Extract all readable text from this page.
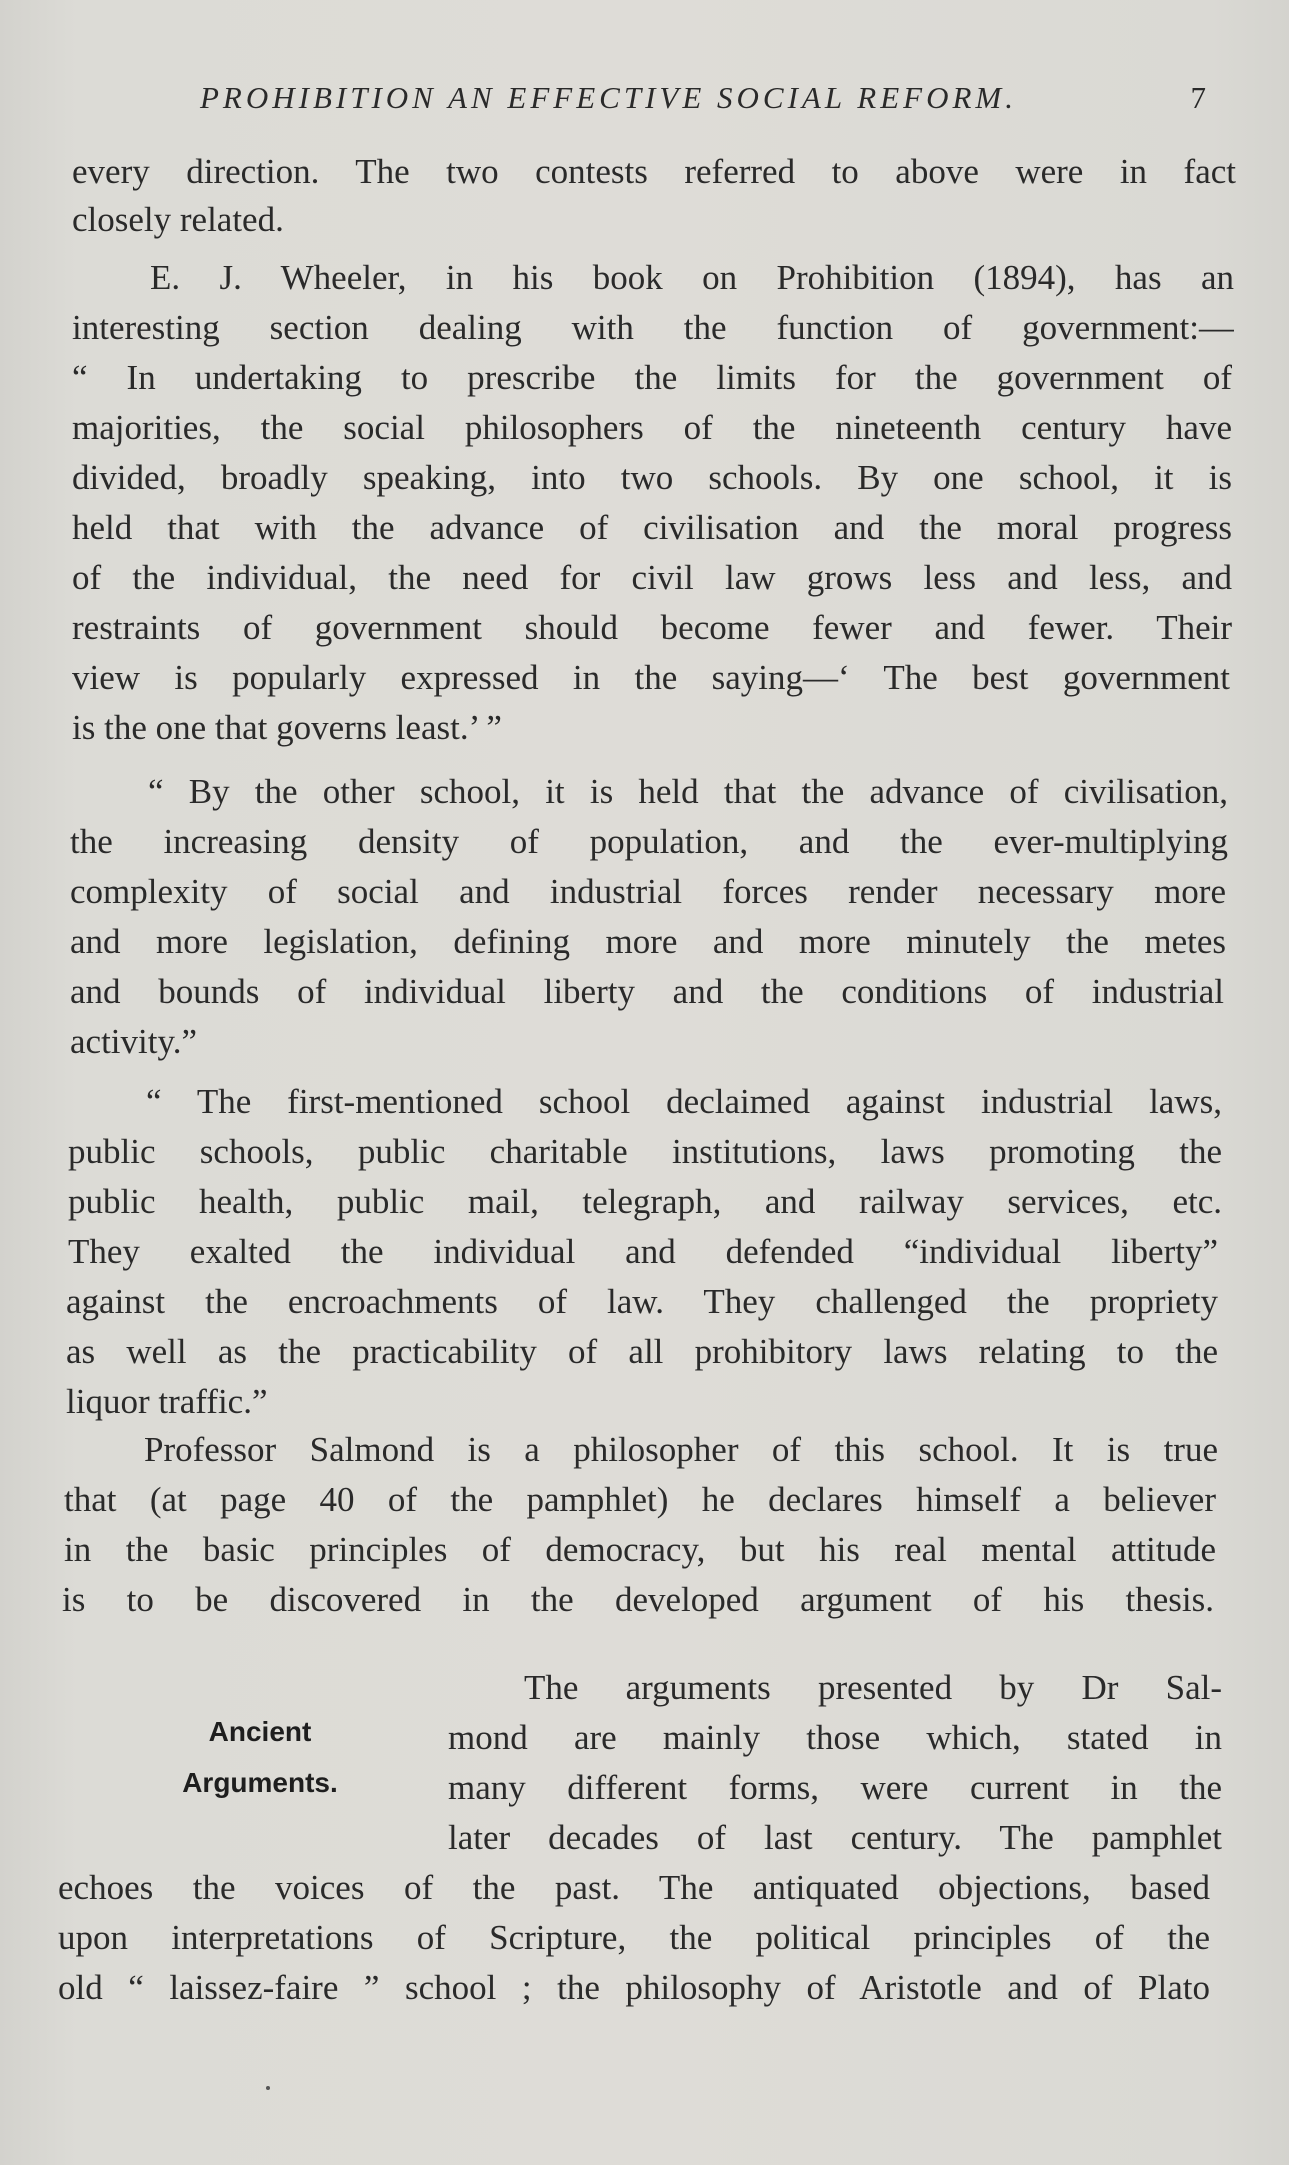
PROHIBITION AN EFFECTIVE SOCIAL REFORM.	7
every direction. The two contests referred to above were in fact
closely related.
E. J. Wheeler, in his book on Prohibition (1894), has an
interesting section dealing with the function of government:—
“ In undertaking to prescribe the limits for the government of
majorities, the social philosophers of the nineteenth century have
divided, broadly speaking, into two schools. By one school, it is
held that with the advance of civilisation and the moral progress
of the individual, the need for civil law grows less and less, and
restraints of government should become fewer and fewer. Their
view is popularly expressed in the saying—‘ The best government
is the one that governs least.’ ”
“ By the other school, it is held that the advance of civilisation,
the increasing density of population, and the ever-multiplying
complexity of social and industrial forces render necessary more
and more legislation, defining more and more minutely the metes
and bounds of individual liberty and the conditions of industrial
activity.”
“ The first-mentioned school declaimed against industrial laws,
public schools, public charitable institutions, laws promoting the
public health, public mail, telegraph, and railway services, etc.
They exalted the individual and defended “individual liberty”
against the encroachments of law. They challenged the propriety
as well as the practicability of all prohibitory laws relating to the
liquor traffic.”
Professor Salmond is a philosopher of this school. It is true
that (at page 40 of the pamphlet) he declares himself a believer
in the basic principles of democracy, but his real mental attitude
is to be discovered in the developed argument of his thesis.
Ancient
Arguments.
The arguments presented by Dr Sal-
mond are mainly those which, stated in
many different forms, were current in the
later decades of last century. The pamphlet
echoes the voices of the past. The antiquated objections, based
upon interpretations of Scripture, the political principles of the
old “ laissez-faire ” school ; the philosophy of Aristotle and of Plato
